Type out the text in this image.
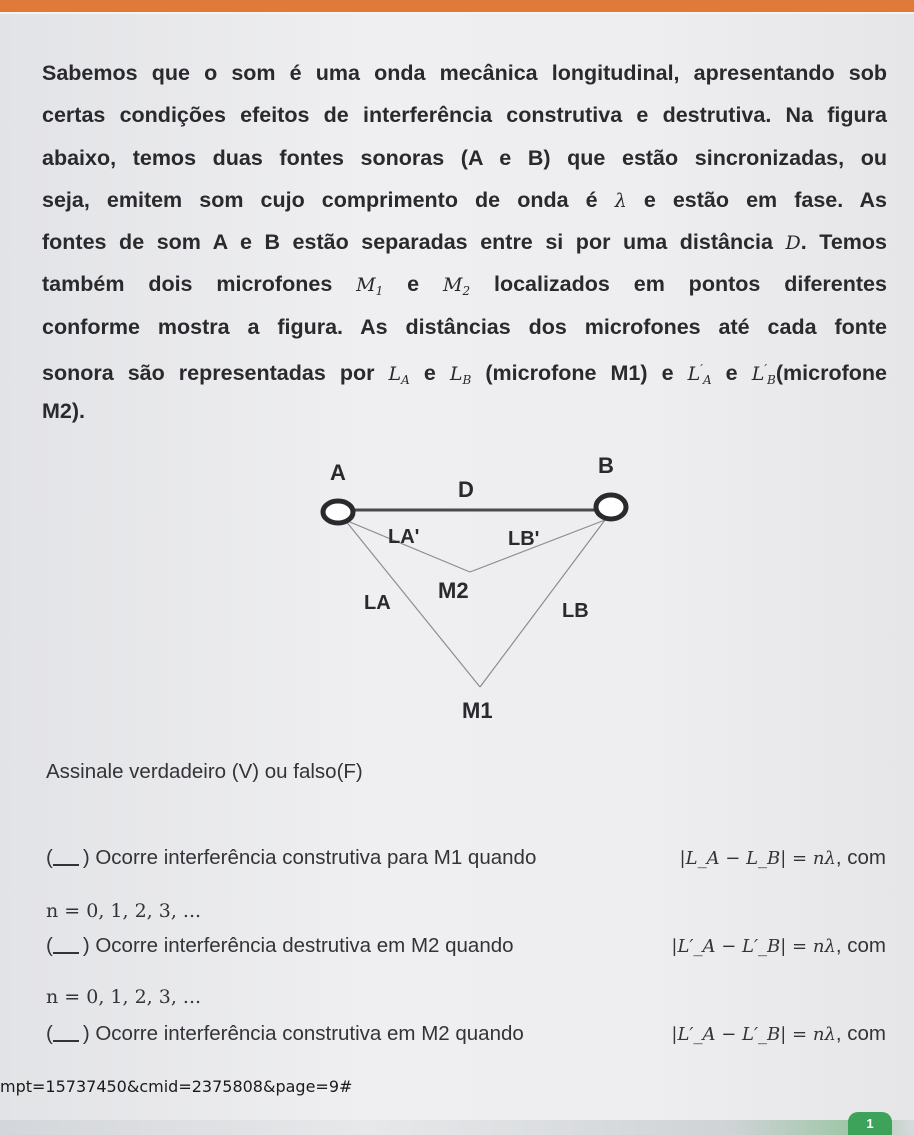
Sabemos que o som é uma onda mecânica longitudinal, apresentando sob
certas condições efeitos de interferência construtiva e destrutiva. Na figura
abaixo, temos duas fontes sonoras (A e B) que estão sincronizadas, ou
seja, emitem som cujo comprimento de onda é λ e estão em fase. As
fontes de som A e B estão separadas entre si por uma distância D. Temos
também dois microfones $M_1$ e $M_2$ localizados em pontos diferentes
conforme mostra a figura. As distâncias dos microfones até cada fonte
sonora são representadas por $L_A$ e $L_B$ (microfone M1) e $L'_A$ e $L'_B(microfone$
M2).
A	B
D
LA'	LB'
LA M2
LB
M1
Assinale verdadeiro (V) ou falso(F)
( )
Ocorre interferência construtiva para M1 quando	|L_A − L_B| = nλ, com
n = 0, 1, 2, 3, ...
( )
Ocorre interferência destrutiva em M2 quando	|L′_A − L′_B| = nλ, com
n = 0, 1, 2, 3, ...
( )
Ocorre interferência construtiva em M2 quando	|L′_A − L′_B| = nλ, com
mpt=15737450&cmid=2375808&page=9#
1
